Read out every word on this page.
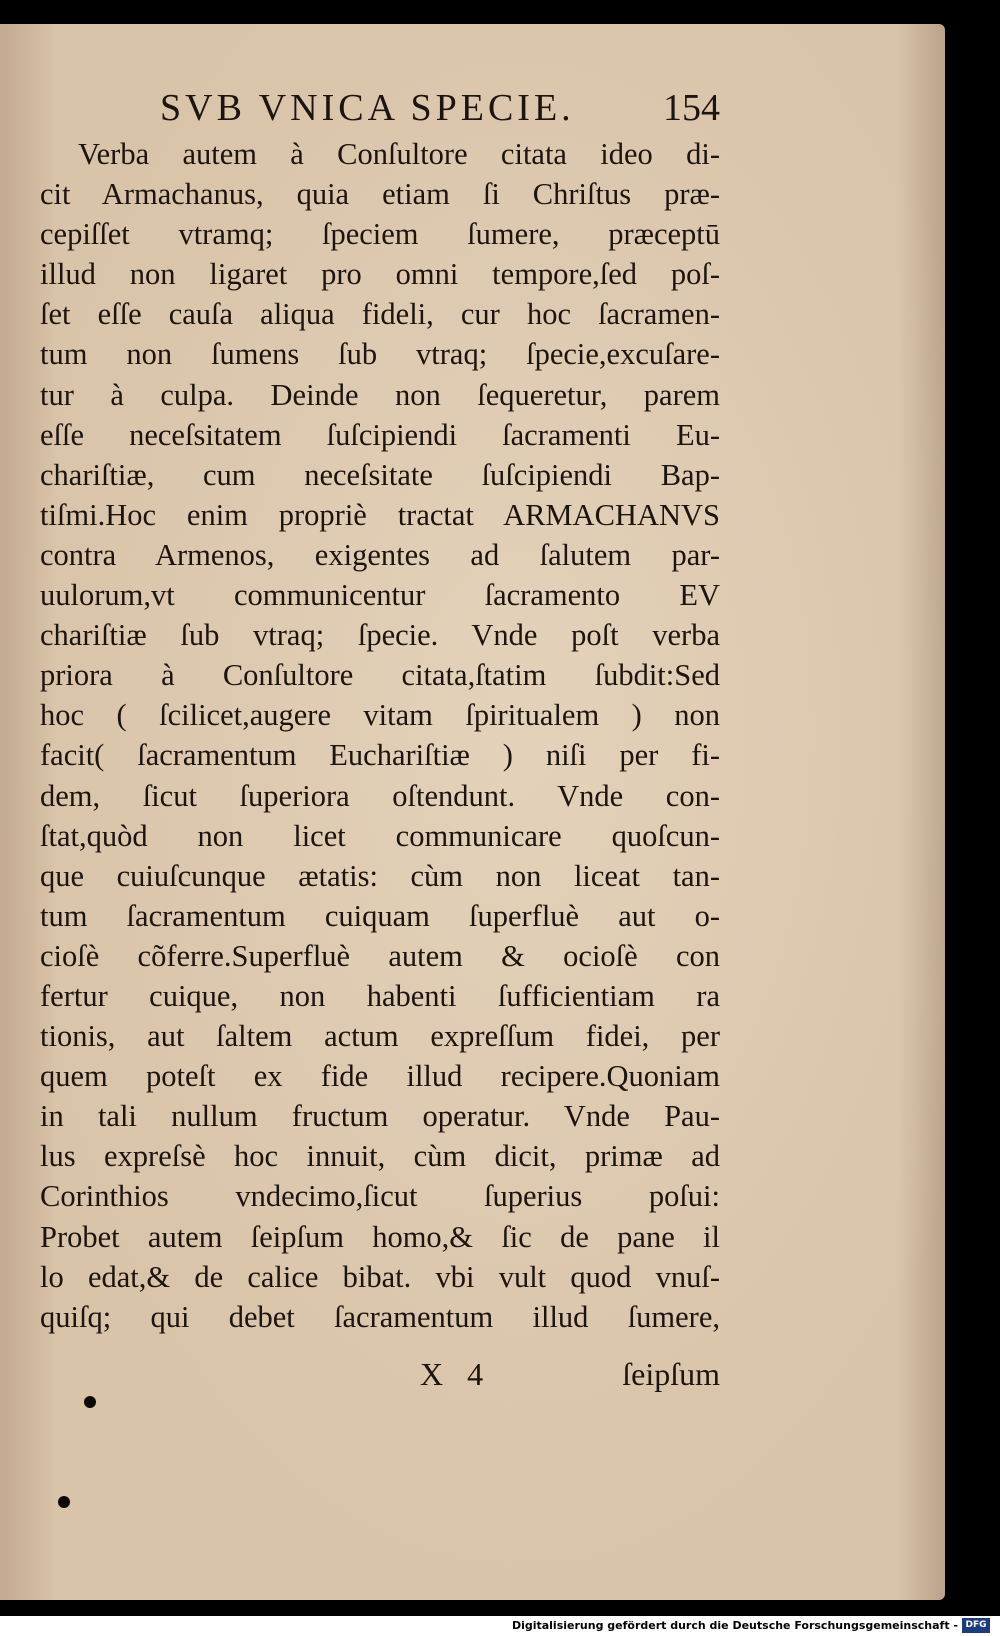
SVB VNICA SPECIE. 154
Verba autem à Conſultore citata ideo di-
cit Armachanus, quia etiam ſi Chriſtus præ-
cepiſſet vtramq; ſpeciem ſumere, præceptū
illud non ligaret pro omni tempore,ſed poſ-
ſet eſſe cauſa aliqua fideli, cur hoc ſacramen-
tum non ſumens ſub vtraq; ſpecie,excuſare-
tur à culpa. Deinde non ſequeretur, parem
eſſe neceſsitatem ſuſcipiendi ſacramenti Eu-
chariſtiæ, cum neceſsitate ſuſcipiendi Bap-
tiſmi.Hoc enim propriè tractat ARMACHANVS
contra Armenos, exigentes ad ſalutem par-
uulorum,vt communicentur ſacramento EV
chariſtiæ ſub vtraq; ſpecie. Vnde poſt verba
priora à Conſultore citata,ſtatim ſubdit:Sed
hoc ( ſcilicet,augere vitam ſpiritualem ) non
facit( ſacramentum Euchariſtiæ ) niſi per fi-
dem, ſicut ſuperiora oſtendunt. Vnde con-
ſtat,quòd non licet communicare quoſcun-
que cuiuſcunque ætatis: cùm non liceat tan-
tum ſacramentum cuiquam ſuperfluè aut o-
cioſè cõferre.Superfluè autem & ocioſè con
fertur cuique, non habenti ſufficientiam ra
tionis, aut ſaltem actum expreſſum fidei, per
quem poteſt ex fide illud recipere.Quoniam
in tali nullum fructum operatur. Vnde Pau-
lus expreſsè hoc innuit, cùm dicit, primæ ad
Corinthios vndecimo,ſicut ſuperius poſui:
Probet autem ſeipſum homo,& ſic de pane il
lo edat,& de calice bibat. vbi vult quod vnuſ-
quiſq; qui debet ſacramentum illud ſumere,
X   4	ſeipſum
Digitalisierung gefördert durch die Deutsche Forschungsgemeinschaft - DFG
